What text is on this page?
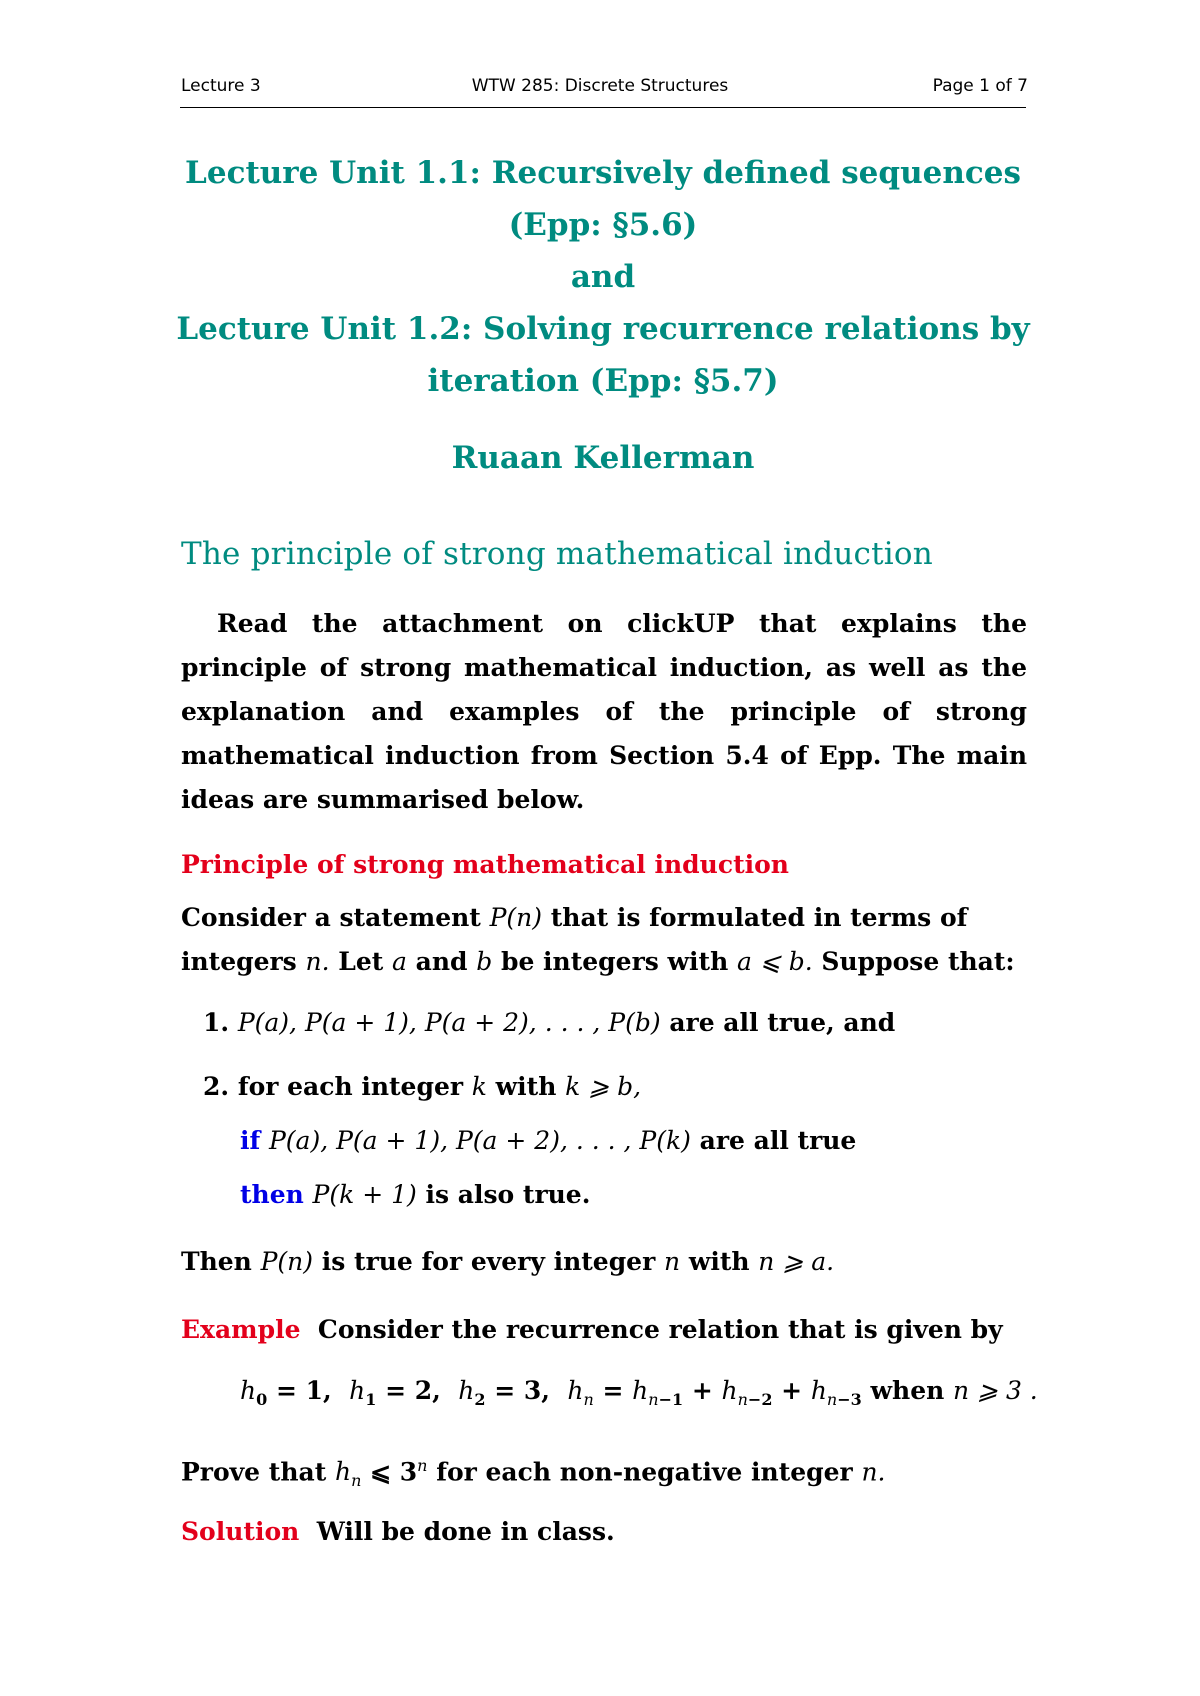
Lecture 3	WTW 285: Discrete Structures	Page 1 of 7
Lecture Unit 1.1: Recursively defined sequences
(Epp: §5.6)
and
Lecture Unit 1.2: Solving recurrence relations by
iteration (Epp: §5.7)
Ruaan Kellerman
The principle of strong mathematical induction
Read the attachment on clickUP that explains the principle of strong mathematical induction, as well as the explanation and examples of the principle of strong mathematical induction from Section 5.4 of Epp. The main ideas are summarised below.
Principle of strong mathematical induction
Consider a statement P(n) that is formulated in terms of integers n. Let a and b be integers with a ⩽ b. Suppose that:
1. P(a), P(a + 1), P(a + 2), . . . , P(b) are all true, and
2. for each integer k with k ⩾ b,
if P(a), P(a + 1), P(a + 2), . . . , P(k) are all true
then P(k + 1) is also true.
Then P(n) is true for every integer n with n ⩾ a.
Example Consider the recurrence relation that is given by
$h_0 = 1$,  $h_1 = 2$,  $h_2 = 3$,  $h_n = h_{n-1} + h_{n-2} + h_{n-3}$ when n ⩾ 3 .
Prove that $h_n$ ⩽ 3$^n$ for each non-negative integer n.
Solution Will be done in class.
